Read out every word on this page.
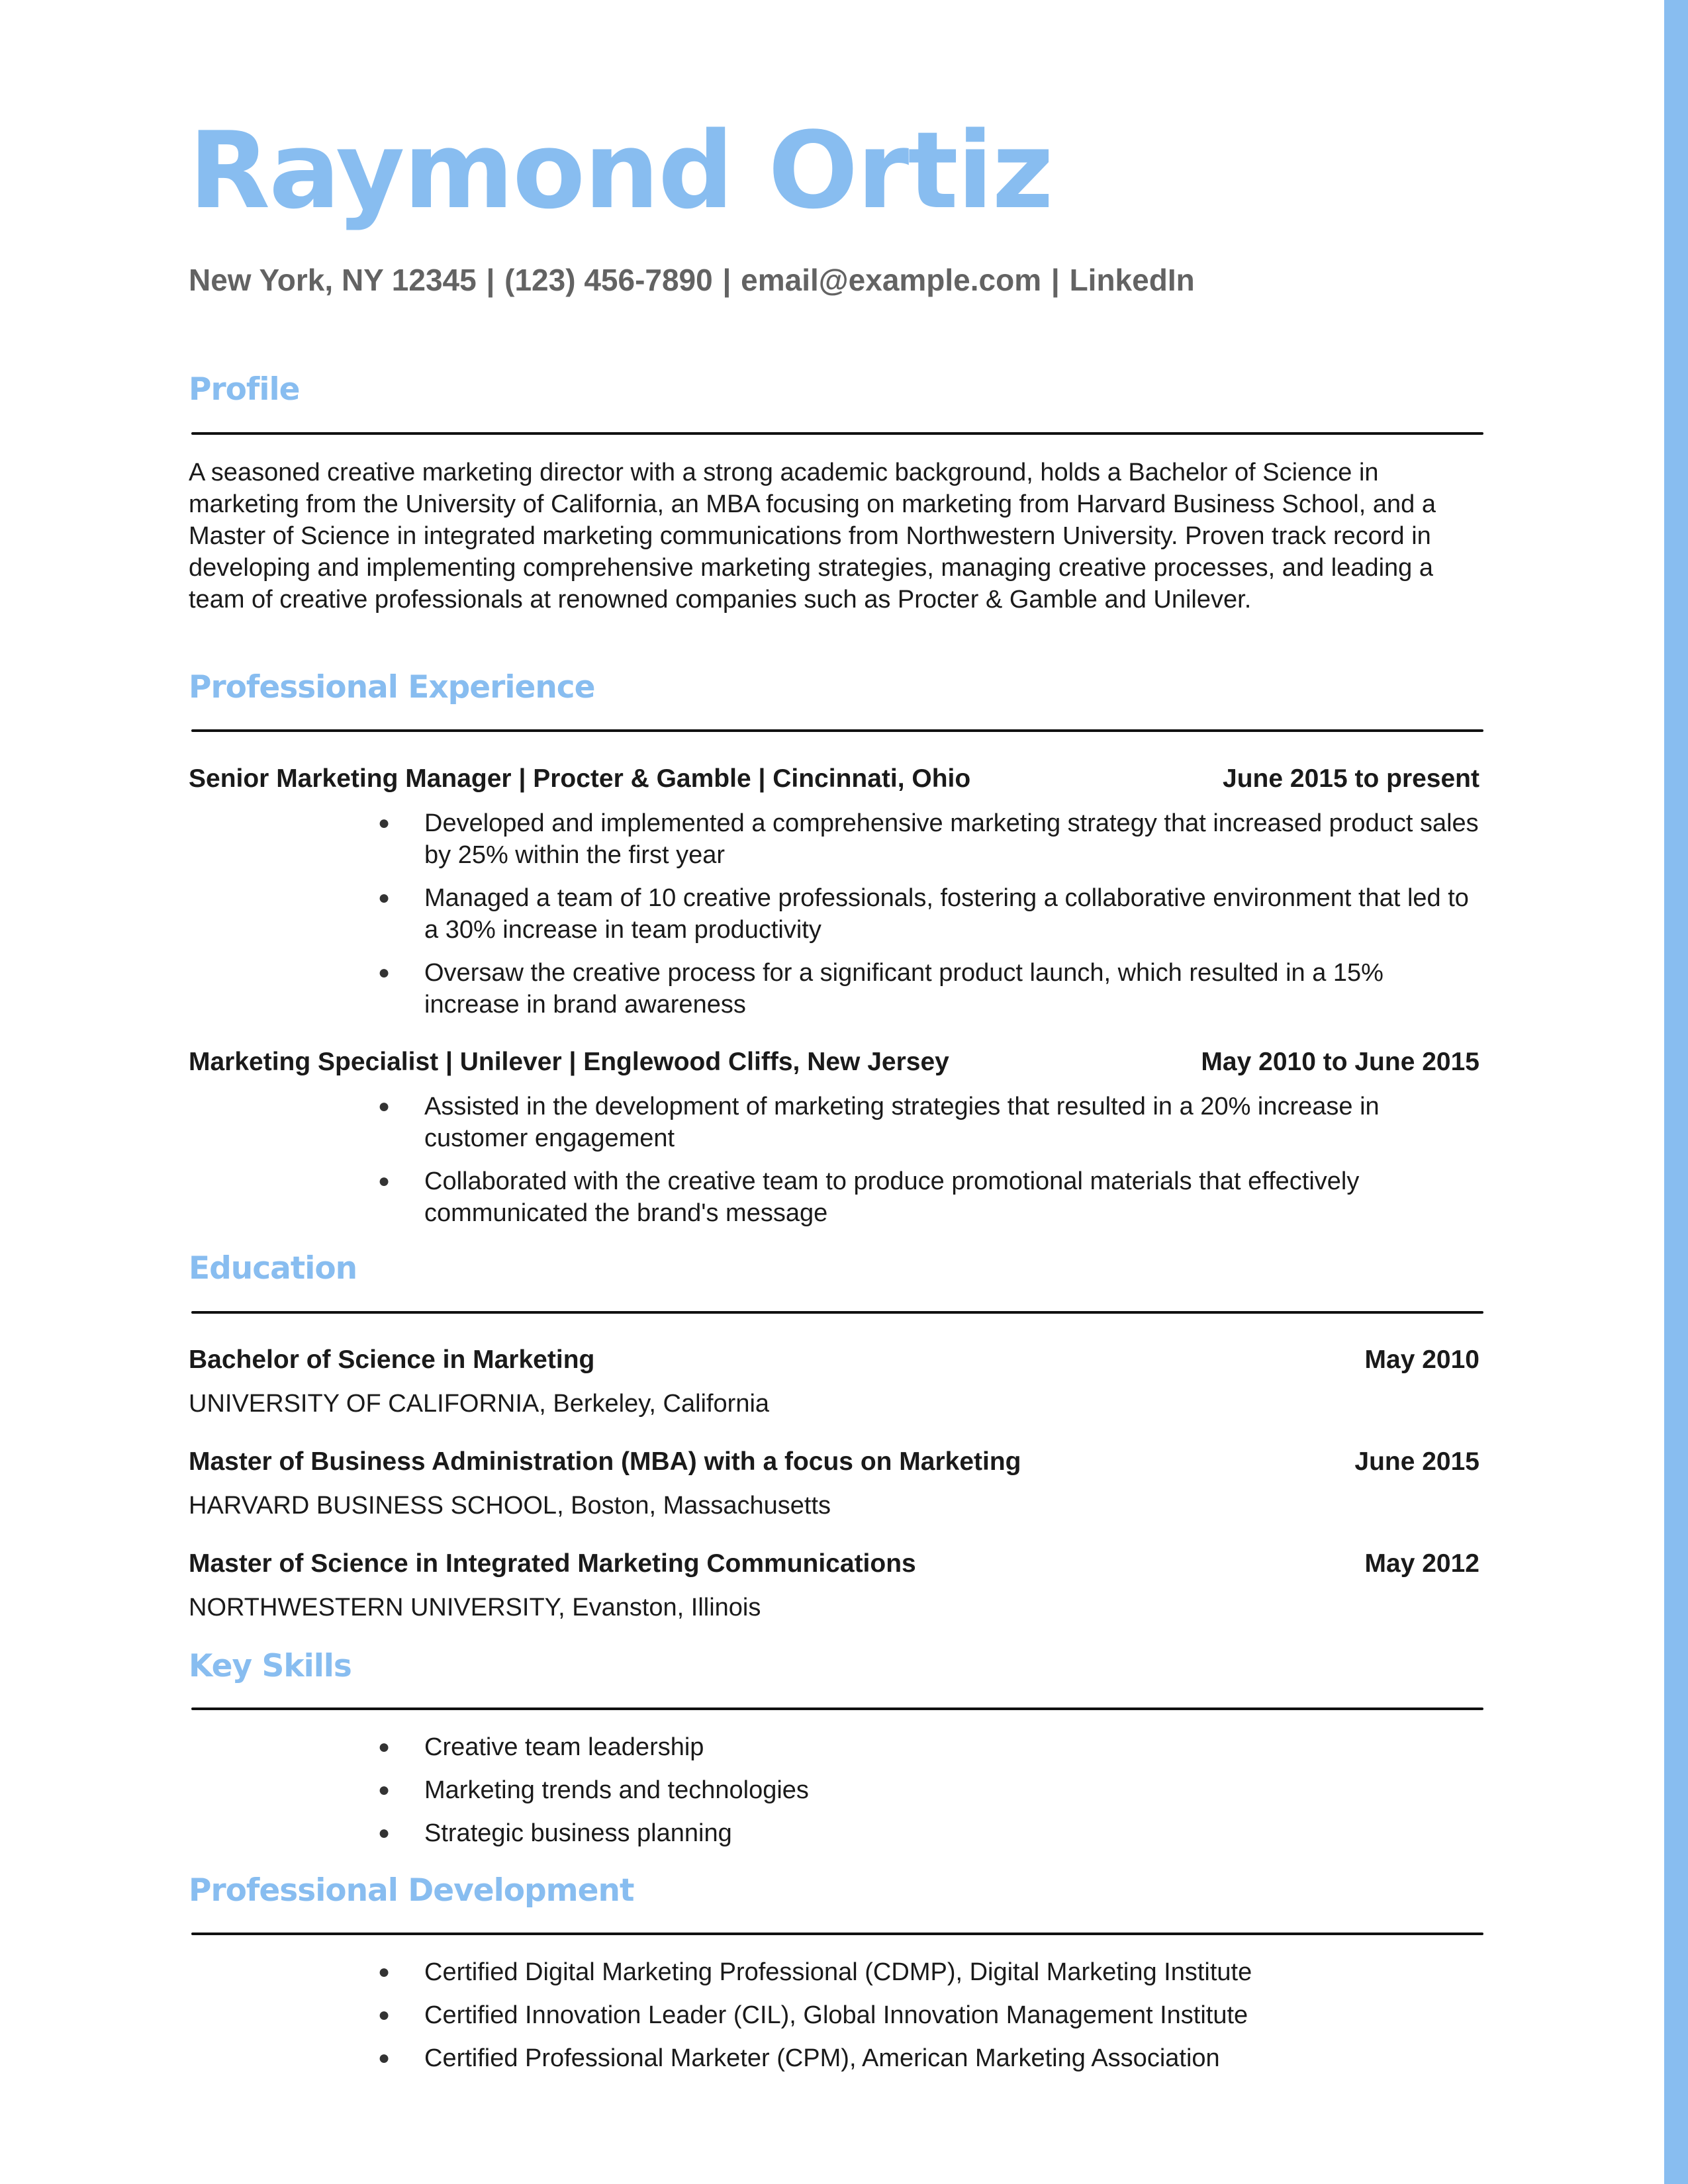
Raymond Ortiz
New York, NY 12345 | (123) 456-7890 | email@example.com | LinkedIn
Profile
A seasoned creative marketing director with a strong academic background, holds a Bachelor of Science in marketing from the University of California, an MBA focusing on marketing from Harvard Business School, and a Master of Science in integrated marketing communications from Northwestern University. Proven track record in developing and implementing comprehensive marketing strategies, managing creative processes, and leading a team of creative professionals at renowned companies such as Procter & Gamble and Unilever.
Professional Experience
Senior Marketing Manager | Procter & Gamble | Cincinnati, Ohio	June 2015 to present
● Developed and implemented a comprehensive marketing strategy that increased product sales by 25% within the first year
● Managed a team of 10 creative professionals, fostering a collaborative environment that led to a 30% increase in team productivity
● Oversaw the creative process for a significant product launch, which resulted in a 15% increase in brand awareness
Marketing Specialist | Unilever | Englewood Cliffs, New Jersey	May 2010 to June 2015
● Assisted in the development of marketing strategies that resulted in a 20% increase in customer engagement
● Collaborated with the creative team to produce promotional materials that effectively communicated the brand's message
Education
Bachelor of Science in Marketing	May 2010
UNIVERSITY OF CALIFORNIA, Berkeley, California
Master of Business Administration (MBA) with a focus on Marketing	June 2015
HARVARD BUSINESS SCHOOL, Boston, Massachusetts
Master of Science in Integrated Marketing Communications	May 2012
NORTHWESTERN UNIVERSITY, Evanston, Illinois
Key Skills
● Creative team leadership
● Marketing trends and technologies
● Strategic business planning
Professional Development
● Certified Digital Marketing Professional (CDMP), Digital Marketing Institute
● Certified Innovation Leader (CIL), Global Innovation Management Institute
● Certified Professional Marketer (CPM), American Marketing Association
